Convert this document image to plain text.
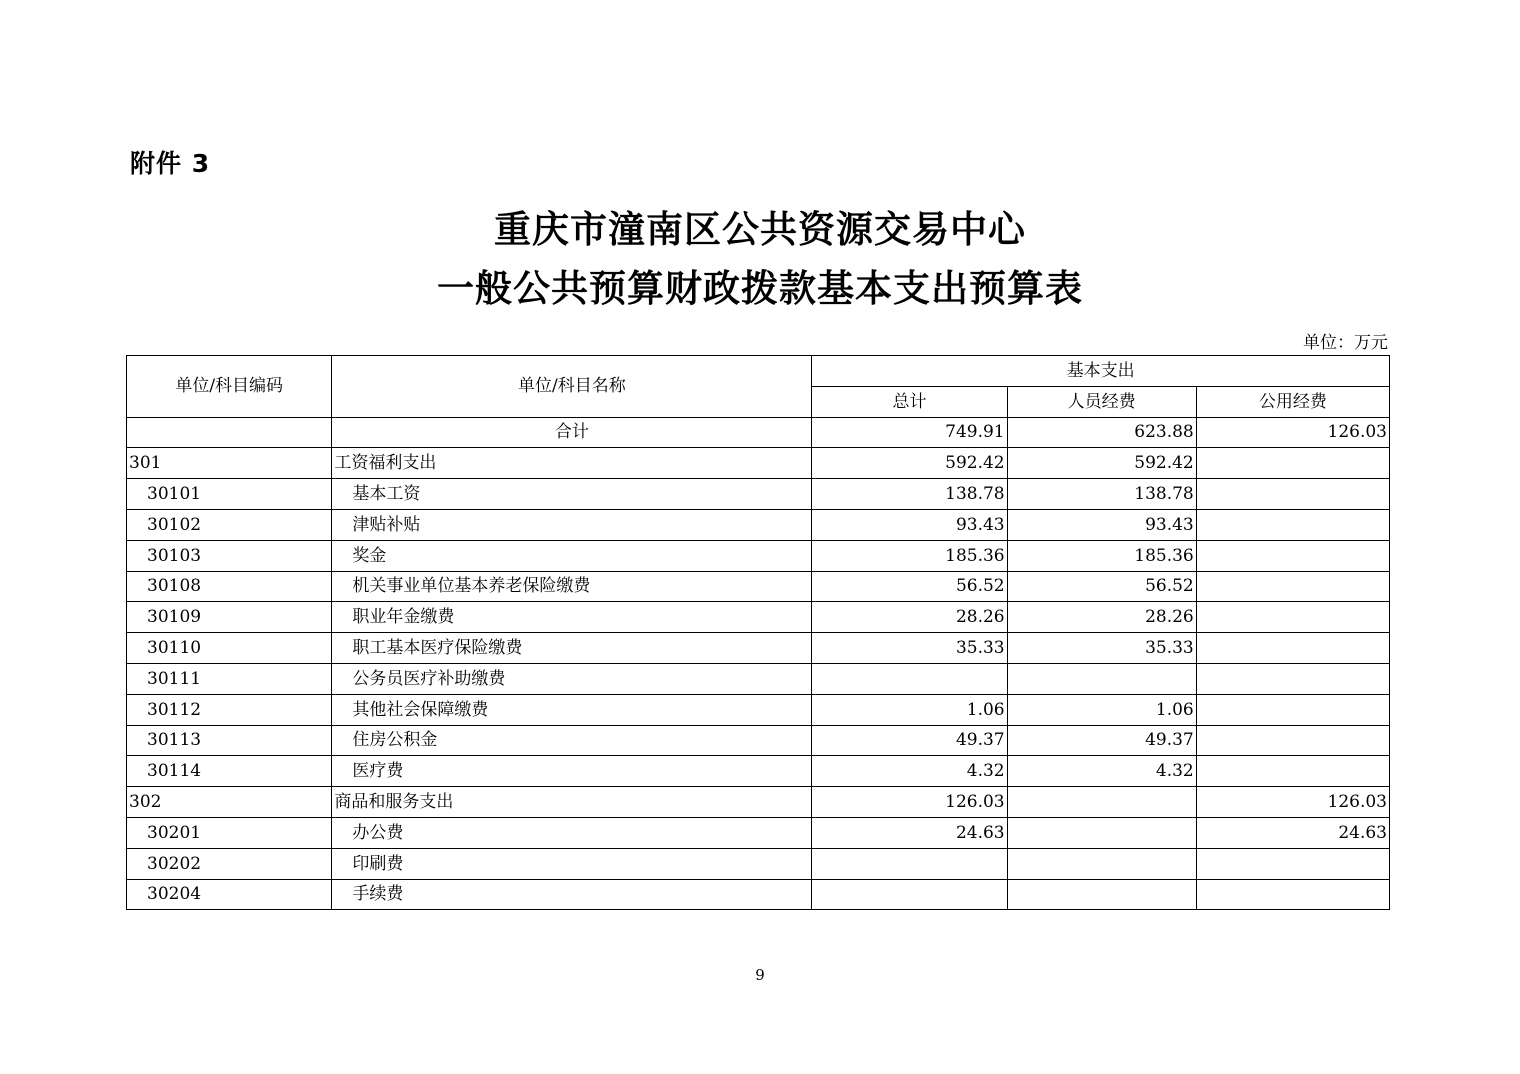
附件 3
重庆市潼南区公共资源交易中心
一般公共预算财政拨款基本支出预算表
单位：万元
单位/科目编码	单位/科目名称	基本支出		
		总计	人员经费	公用经费
	合计	749.91	623.88	126.03
301	工资福利支出	592.42	592.42	
30101	基本工资	138.78	138.78	
30102	津贴补贴	93.43	93.43	
30103	奖金	185.36	185.36	
30108	机关事业单位基本养老保险缴费	56.52	56.52	
30109	职业年金缴费	28.26	28.26	
30110	职工基本医疗保险缴费	35.33	35.33	
30111	公务员医疗补助缴费			
30112	其他社会保障缴费	1.06	1.06	
30113	住房公积金	49.37	49.37	
30114	医疗费	4.32	4.32	
302	商品和服务支出	126.03		126.03
30201	办公费	24.63		24.63
30202	印刷费			
30204	手续费			
9
